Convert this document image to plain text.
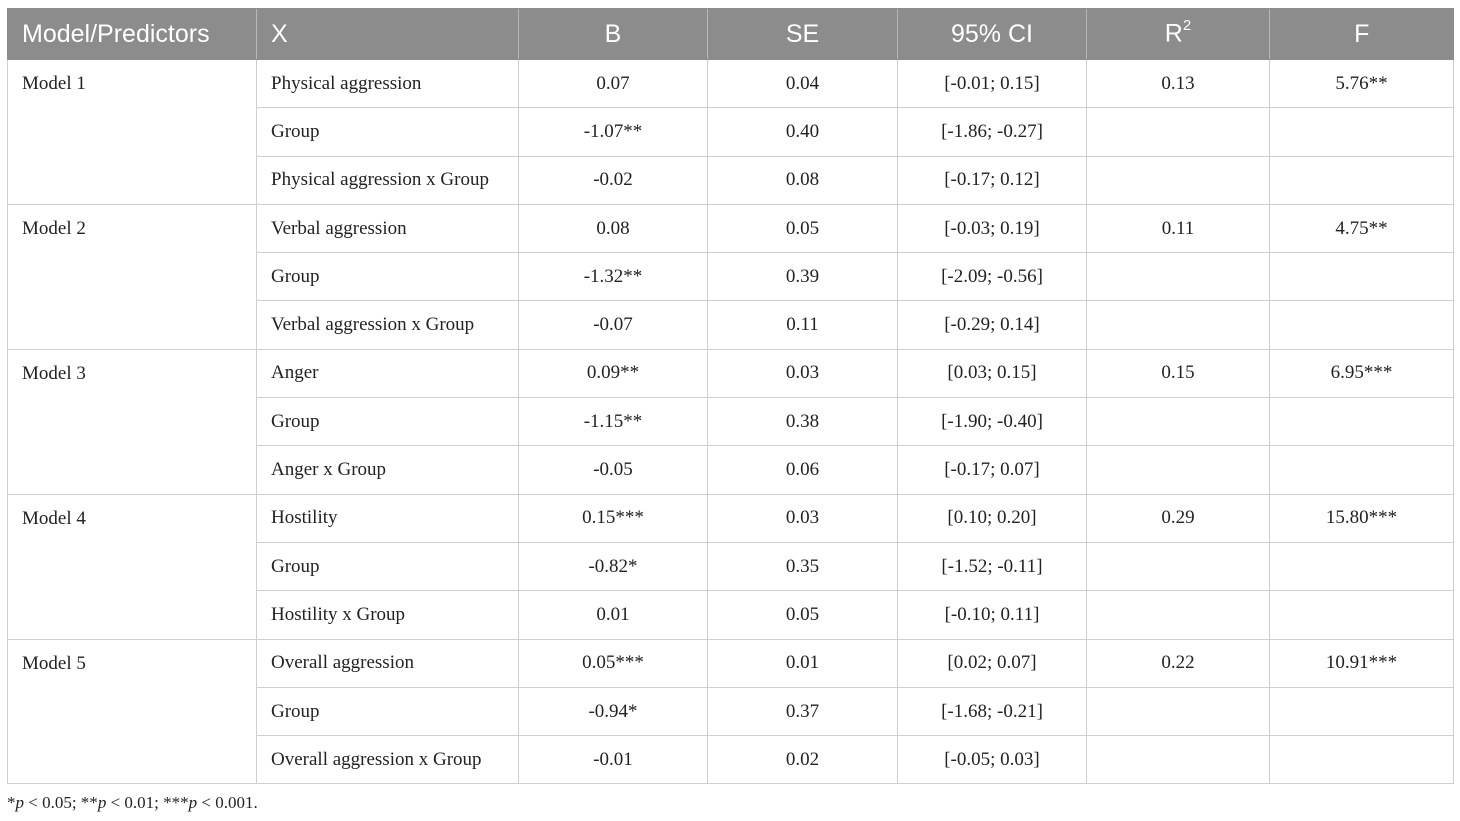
Model/Predictors	X	B	SE	95% CI	$R^2$	F
Model 1	Physical aggression	0.07	0.04	[-0.01; 0.15]	0.13	5.76**
	Group	-1.07**	0.40	[-1.86; -0.27]		
	Physical aggression x Group	-0.02	0.08	[-0.17; 0.12]		
Model 2	Verbal aggression	0.08	0.05	[-0.03; 0.19]	0.11	4.75**
	Group	-1.32**	0.39	[-2.09; -0.56]		
	Verbal aggression x Group	-0.07	0.11	[-0.29; 0.14]		
Model 3	Anger	0.09**	0.03	[0.03; 0.15]	0.15	6.95***
	Group	-1.15**	0.38	[-1.90; -0.40]		
	Anger x Group	-0.05	0.06	[-0.17; 0.07]		
Model 4	Hostility	0.15***	0.03	[0.10; 0.20]	0.29	15.80***
	Group	-0.82*	0.35	[-1.52; -0.11]		
	Hostility x Group	0.01	0.05	[-0.10; 0.11]		
Model 5	Overall aggression	0.05***	0.01	[0.02; 0.07]	0.22	10.91***
	Group	-0.94*	0.37	[-1.68; -0.21]		
	Overall aggression x Group	-0.01	0.02	[-0.05; 0.03]		
*p < 0.05; **p < 0.01; ***p < 0.001.
